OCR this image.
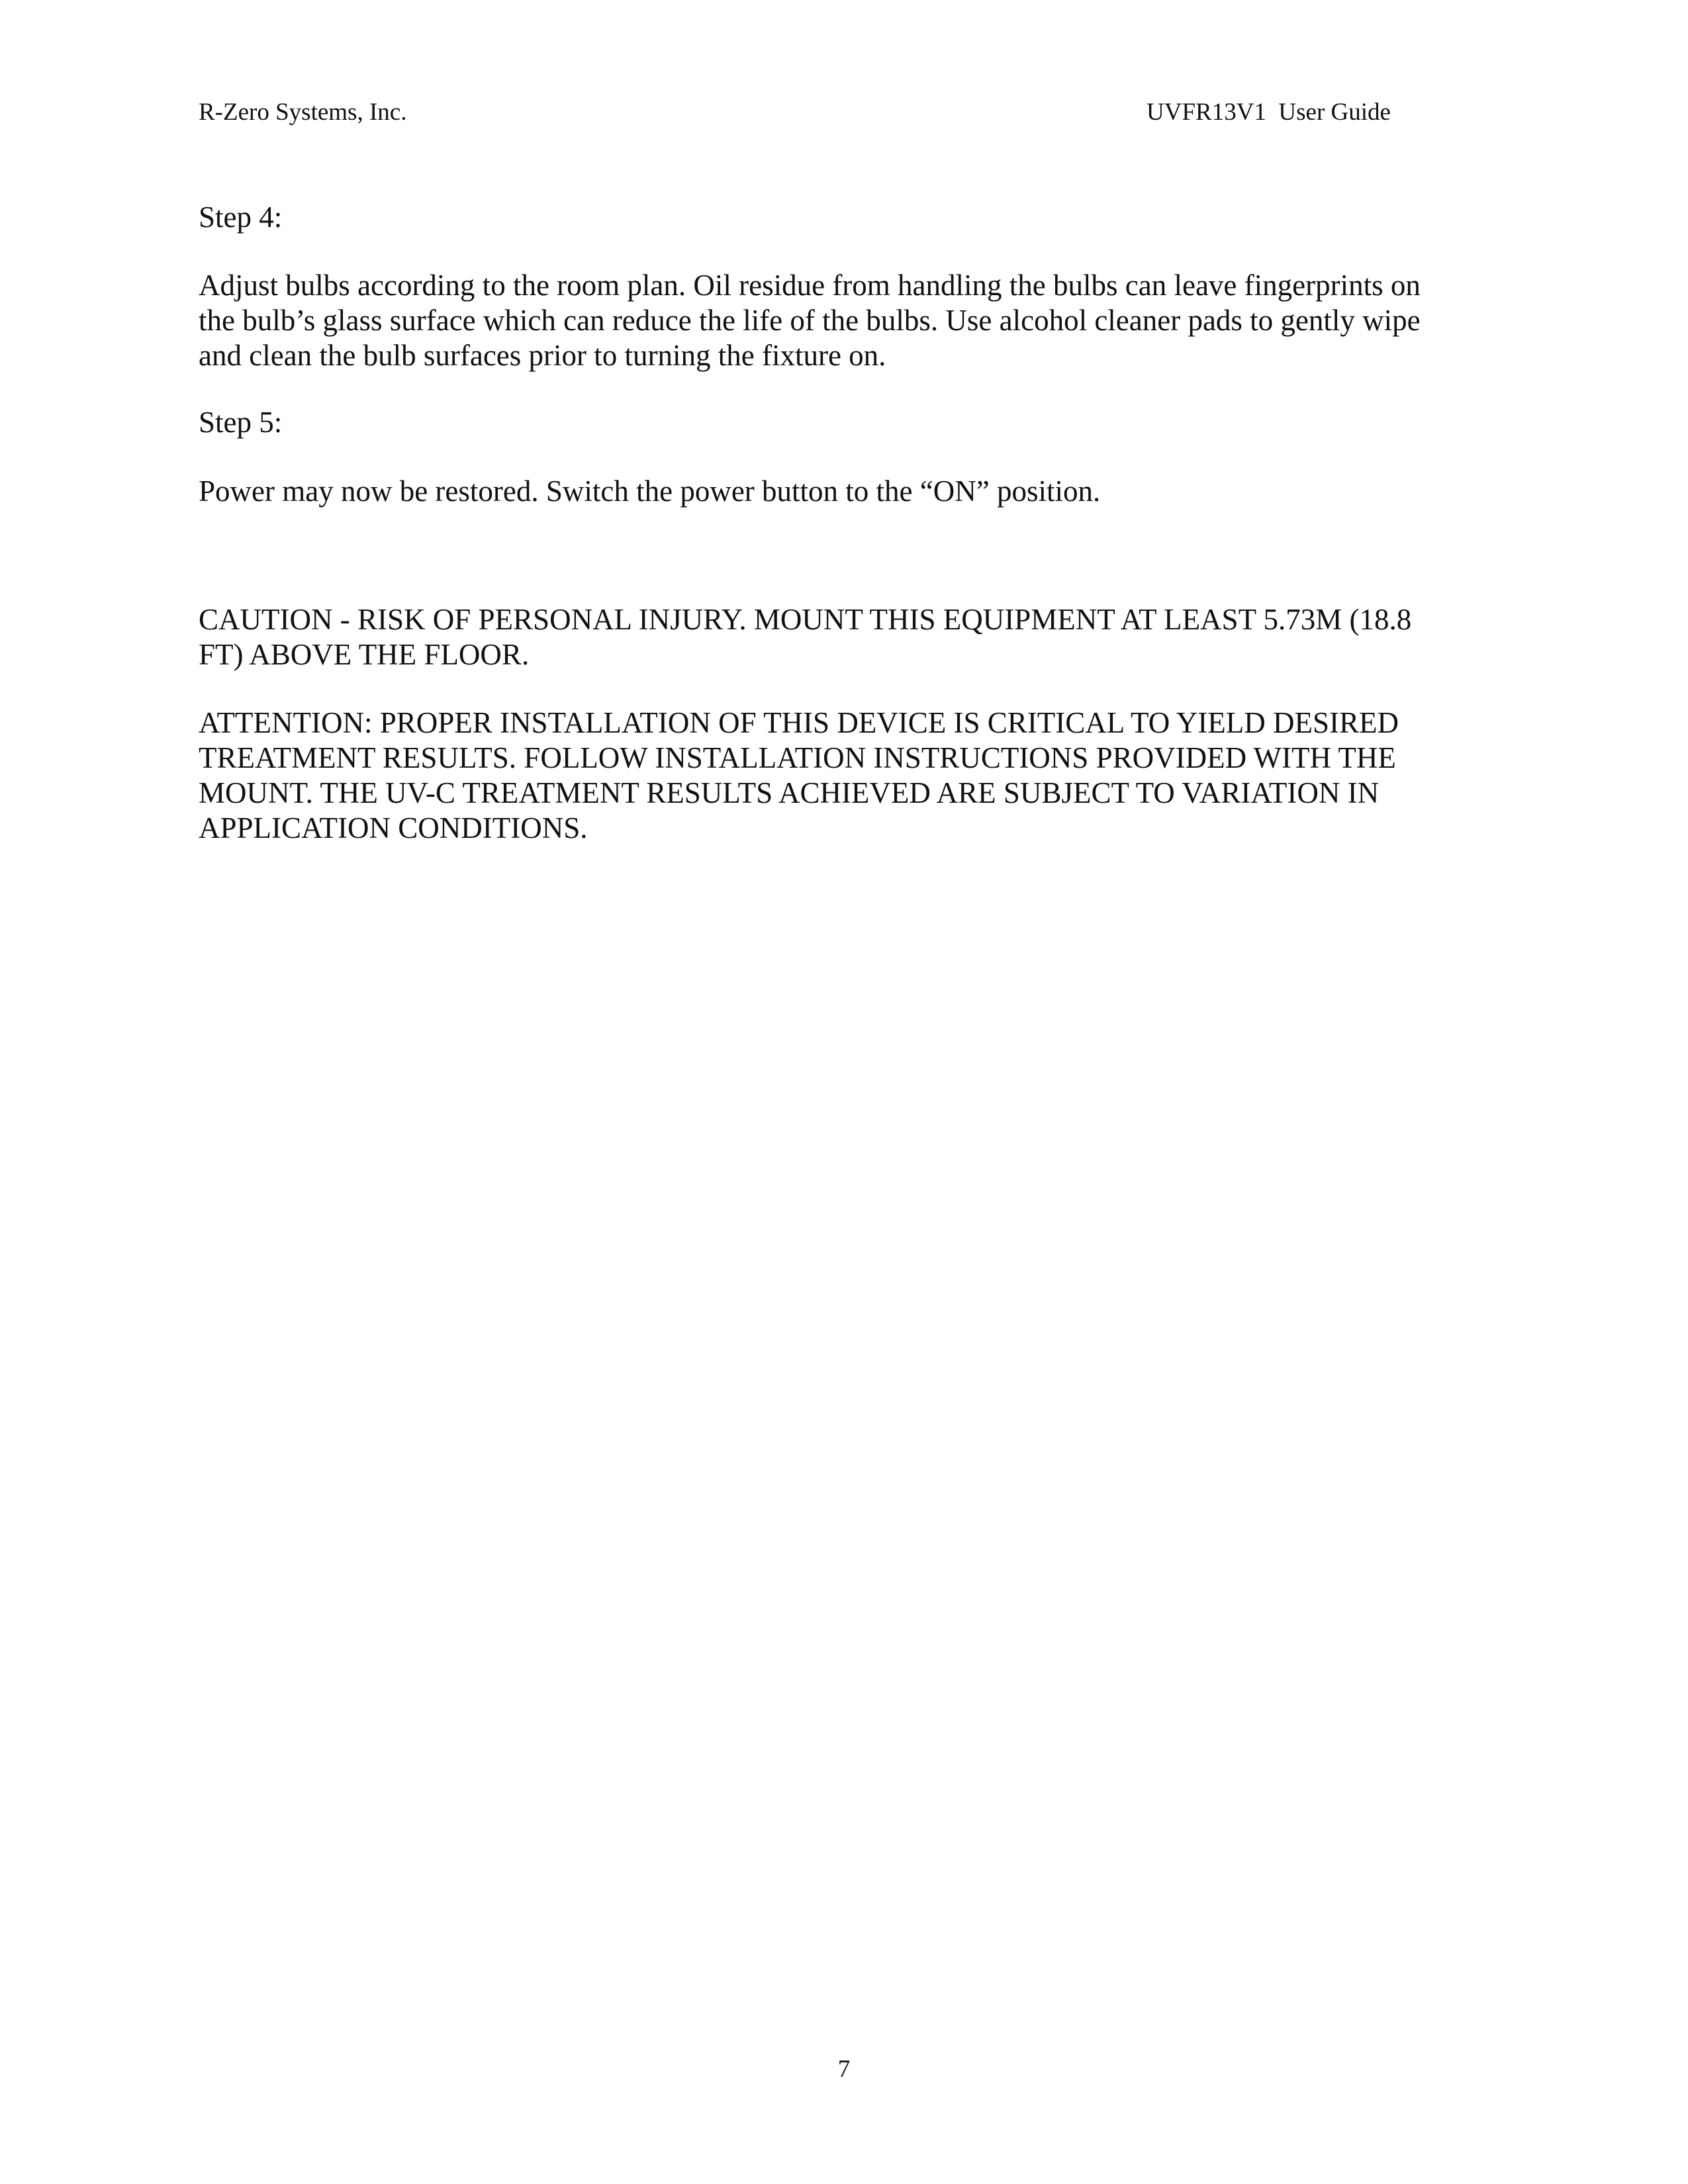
R-Zero Systems, Inc.	UVFR13V1  User Guide

Step 4:

Adjust bulbs according to the room plan. Oil residue from handling the bulbs can leave fingerprints on
the bulb’s glass surface which can reduce the life of the bulbs. Use alcohol cleaner pads to gently wipe
and clean the bulb surfaces prior to turning the fixture on.

Step 5:

Power may now be restored. Switch the power button to the “ON” position.

CAUTION - RISK OF PERSONAL INJURY. MOUNT THIS EQUIPMENT AT LEAST 5.73M (18.8
FT) ABOVE THE FLOOR.

ATTENTION: PROPER INSTALLATION OF THIS DEVICE IS CRITICAL TO YIELD DESIRED
TREATMENT RESULTS. FOLLOW INSTALLATION INSTRUCTIONS PROVIDED WITH THE
MOUNT. THE UV-C TREATMENT RESULTS ACHIEVED ARE SUBJECT TO VARIATION IN
APPLICATION CONDITIONS.

7
